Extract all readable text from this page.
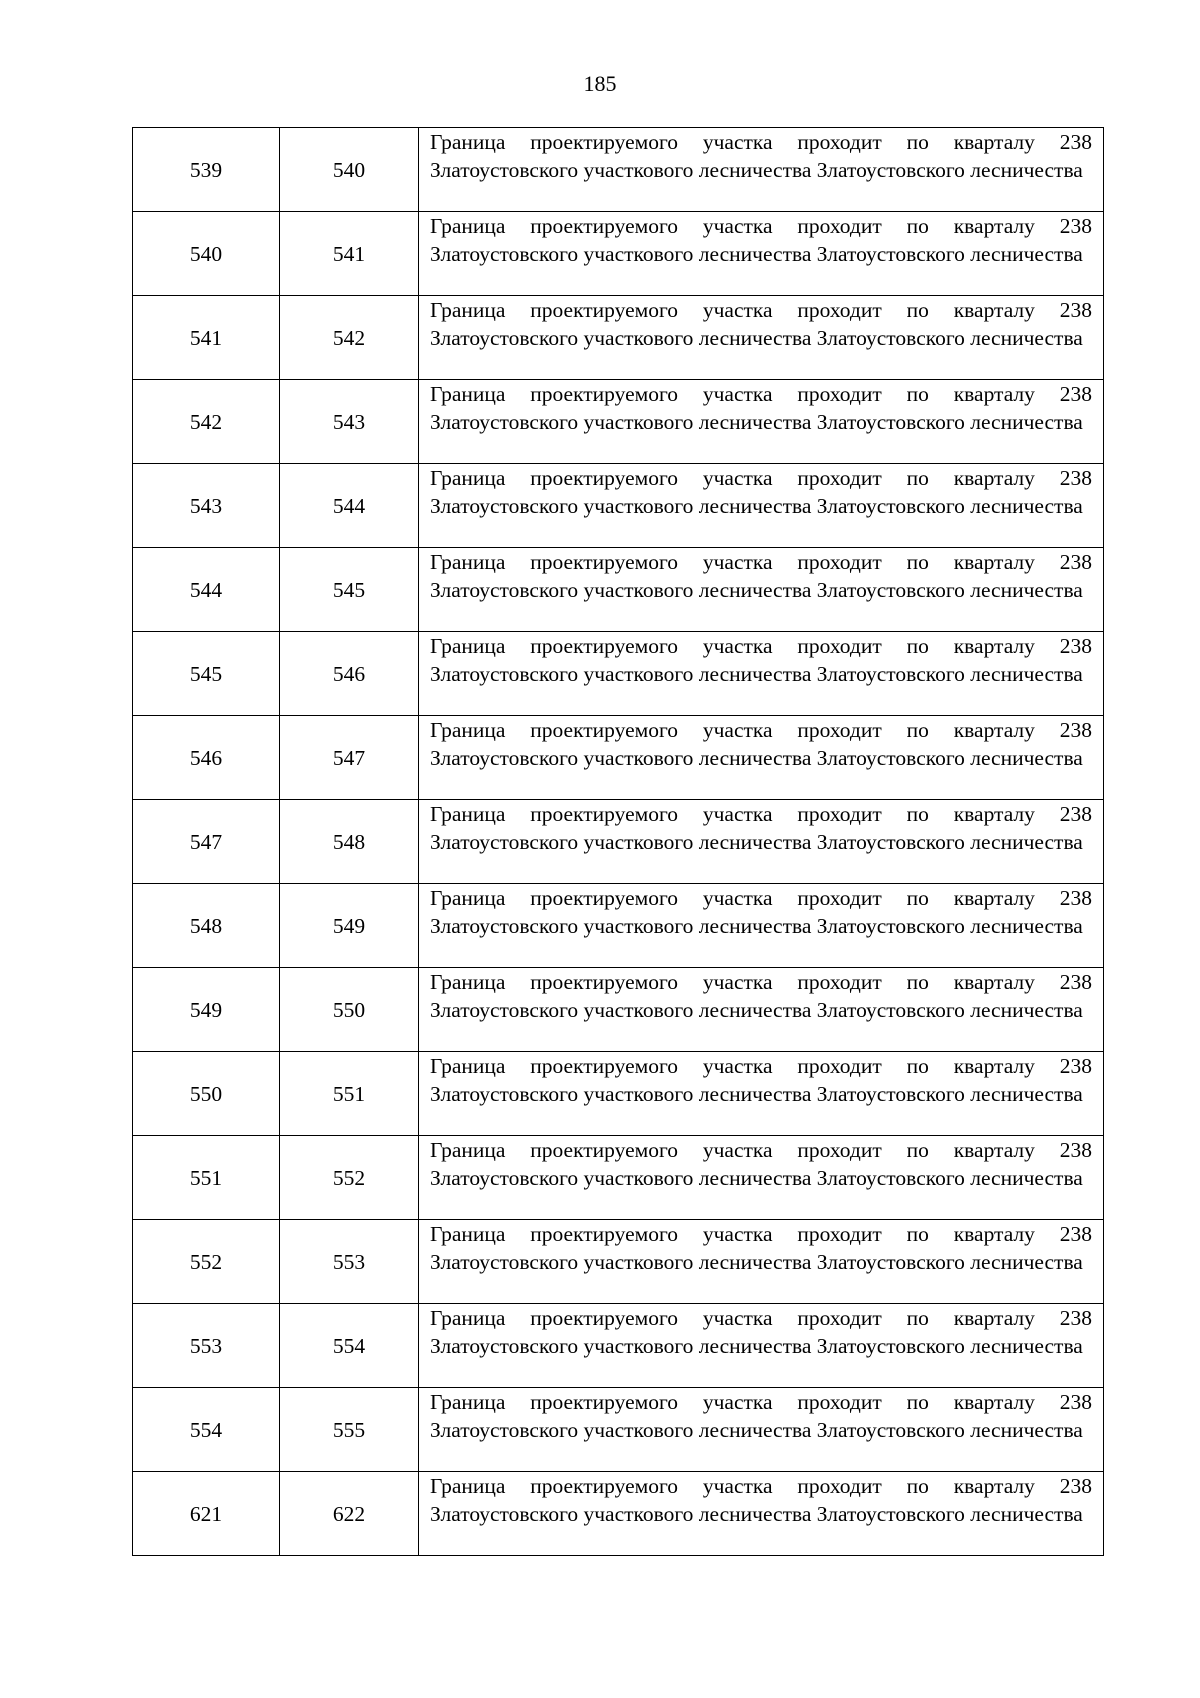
185
539	540	Граница проектируемого участка проходит по кварталу 238 Златоустовского участкового лесничества Златоустовского лесничества

540	541	Граница проектируемого участка проходит по кварталу 238 Златоустовского участкового лесничества Златоустовского лесничества

541	542	Граница проектируемого участка проходит по кварталу 238 Златоустовского участкового лесничества Златоустовского лесничества

542	543	Граница проектируемого участка проходит по кварталу 238 Златоустовского участкового лесничества Златоустовского лесничества

543	544	Граница проектируемого участка проходит по кварталу 238 Златоустовского участкового лесничества Златоустовского лесничества

544	545	Граница проектируемого участка проходит по кварталу 238 Златоустовского участкового лесничества Златоустовского лесничества

545	546	Граница проектируемого участка проходит по кварталу 238 Златоустовского участкового лесничества Златоустовского лесничества

546	547	Граница проектируемого участка проходит по кварталу 238 Златоустовского участкового лесничества Златоустовского лесничества

547	548	Граница проектируемого участка проходит по кварталу 238 Златоустовского участкового лесничества Златоустовского лесничества

548	549	Граница проектируемого участка проходит по кварталу 238 Златоустовского участкового лесничества Златоустовского лесничества

549	550	Граница проектируемого участка проходит по кварталу 238 Златоустовского участкового лесничества Златоустовского лесничества

550	551	Граница проектируемого участка проходит по кварталу 238 Златоустовского участкового лесничества Златоустовского лесничества

551	552	Граница проектируемого участка проходит по кварталу 238 Златоустовского участкового лесничества Златоустовского лесничества

552	553	Граница проектируемого участка проходит по кварталу 238 Златоустовского участкового лесничества Златоустовского лесничества

553	554	Граница проектируемого участка проходит по кварталу 238 Златоустовского участкового лесничества Златоустовского лесничества

554	555	Граница проектируемого участка проходит по кварталу 238 Златоустовского участкового лесничества Златоустовского лесничества

621	622	Граница проектируемого участка проходит по кварталу 238 Златоустовского участкового лесничества Златоустовского лесничества
